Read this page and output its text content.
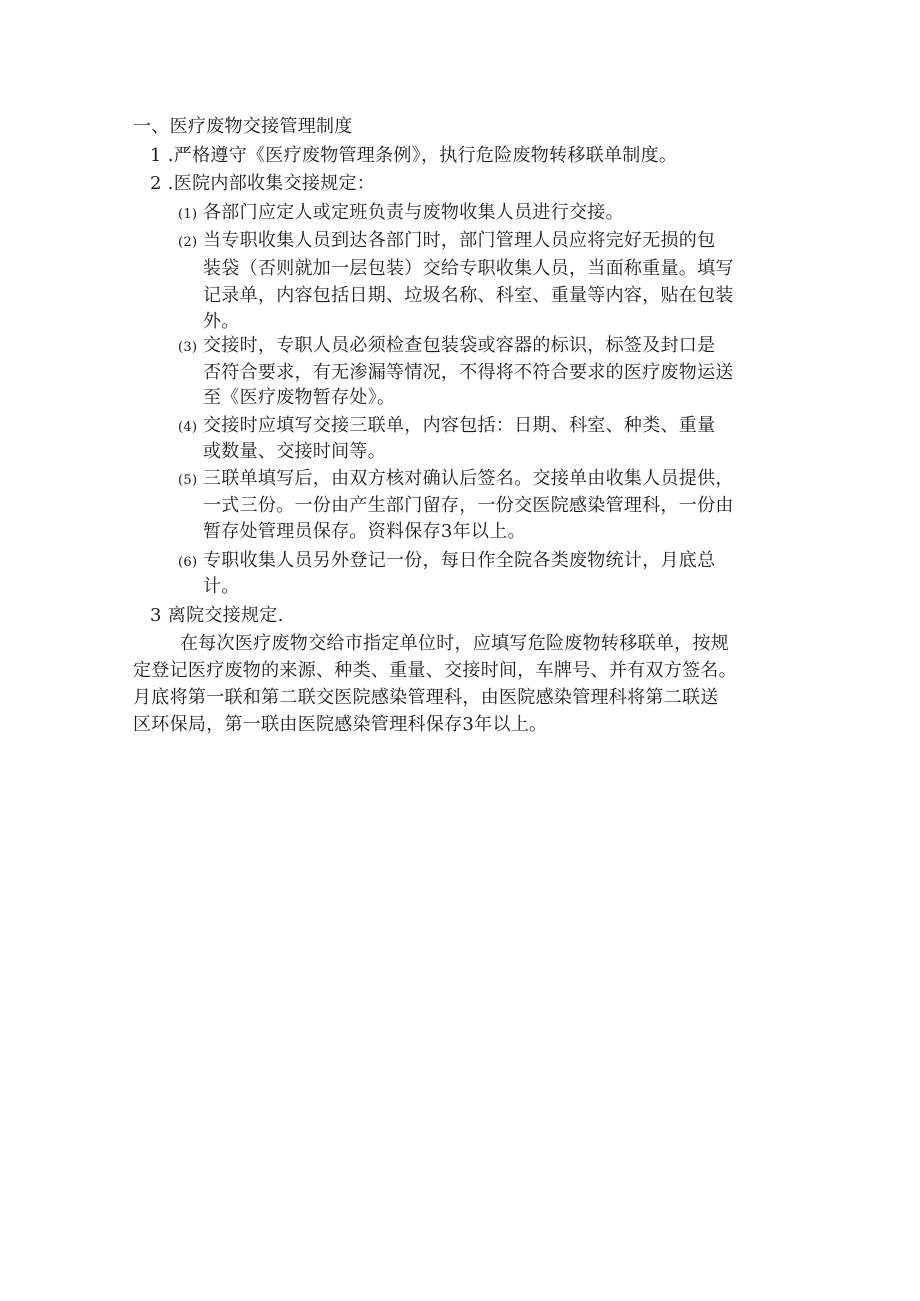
一、医疗废物交接管理制度
1 .严格遵守《医疗废物管理条例》，执行危险废物转移联单制度。
2 .医院内部收集交接规定：
(1) 各部门应定人或定班负责与废物收集人员进行交接。
(2) 当专职收集人员到达各部门时，部门管理人员应将完好无损的包
装袋（否则就加一层包装）交给专职收集人员，当面称重量。填写
记录单，内容包括日期、垃圾名称、科室、重量等内容，贴在包装
外。
(3) 交接时，专职人员必须检查包装袋或容器的标识，标签及封口是
否符合要求，有无渗漏等情况，不得将不符合要求的医疗废物运送
至《医疗废物暂存处》。
(4) 交接时应填写交接三联单，内容包括：日期、科室、种类、重量
或数量、交接时间等。
(5) 三联单填写后，由双方核对确认后签名。交接单由收集人员提供，
一式三份。一份由产生部门留存，一份交医院感染管理科，一份由
暂存处管理员保存。资料保存3年以上。
(6) 专职收集人员另外登记一份，每日作全院各类废物统计，月底总
计。
3 离院交接规定.
在每次医疗废物交给市指定单位时，应填写危险废物转移联单，按规
定登记医疗废物的来源、种类、重量、交接时间，车牌号、并有双方签名。
月底将第一联和第二联交医院感染管理科，由医院感染管理科将第二联送
区环保局，第一联由医院感染管理科保存3年以上。
